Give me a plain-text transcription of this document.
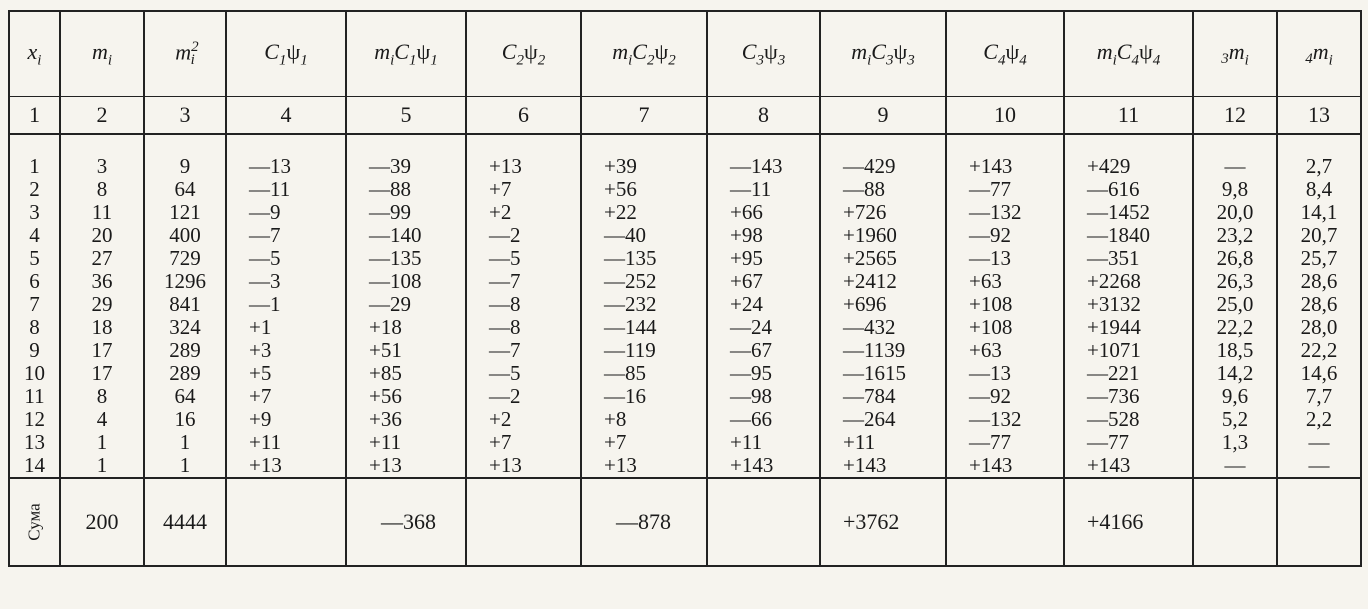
$x_i$	$m_i$	$m^2_i$	$C_1\psi_1$	$m_iC_1\psi_1$	$C_2\psi_2$	$m_iC_2\psi_2$	$C_3\psi_3$	$m_iC_3\psi_3$	$C_4\psi_4$	$m_iC_4\psi_4$	$3m_i$	$4m_i$
1	2	3	4	5	6	7	8	9	10	11	12	13

1	3	9	—13	—39	+13	+39	—143	—429	+143	+429	—	2,7
2	8	64	—11	—88	+7	+56	—11	—88	—77	—616	9,8	8,4
3	11	121	—9	—99	+2	+22	+66	+726	—132	—1452	20,0	14,1
4	20	400	—7	—140	—2	—40	+98	+1960	—92	—1840	23,2	20,7
5	27	729	—5	—135	—5	—135	+95	+2565	—13	—351	26,8	25,7
6	36	1296	—3	—108	—7	—252	+67	+2412	+63	+2268	26,3	28,6
7	29	841	—1	—29	—8	—232	+24	+696	+108	+3132	25,0	28,6
8	18	324	+1	+18	—8	—144	—24	—432	+108	+1944	22,2	28,0
9	17	289	+3	+51	—7	—119	—67	—1139	+63	+1071	18,5	22,2
10	17	289	+5	+85	—5	—85	—95	—1615	—13	—221	14,2	14,6
11	8	64	+7	+56	—2	—16	—98	—784	—92	—736	9,6	7,7
12	4	16	+9	+36	+2	+8	—66	—264	—132	—528	5,2	2,2
13	1	1	+11	+11	+7	+7	+11	+11	—77	—77	1,3	—
14	1	1	+13	+13	+13	+13	+143	+143	+143	+143	—	—
Сума	200	4444		—368		—878		+3762		+4166		
